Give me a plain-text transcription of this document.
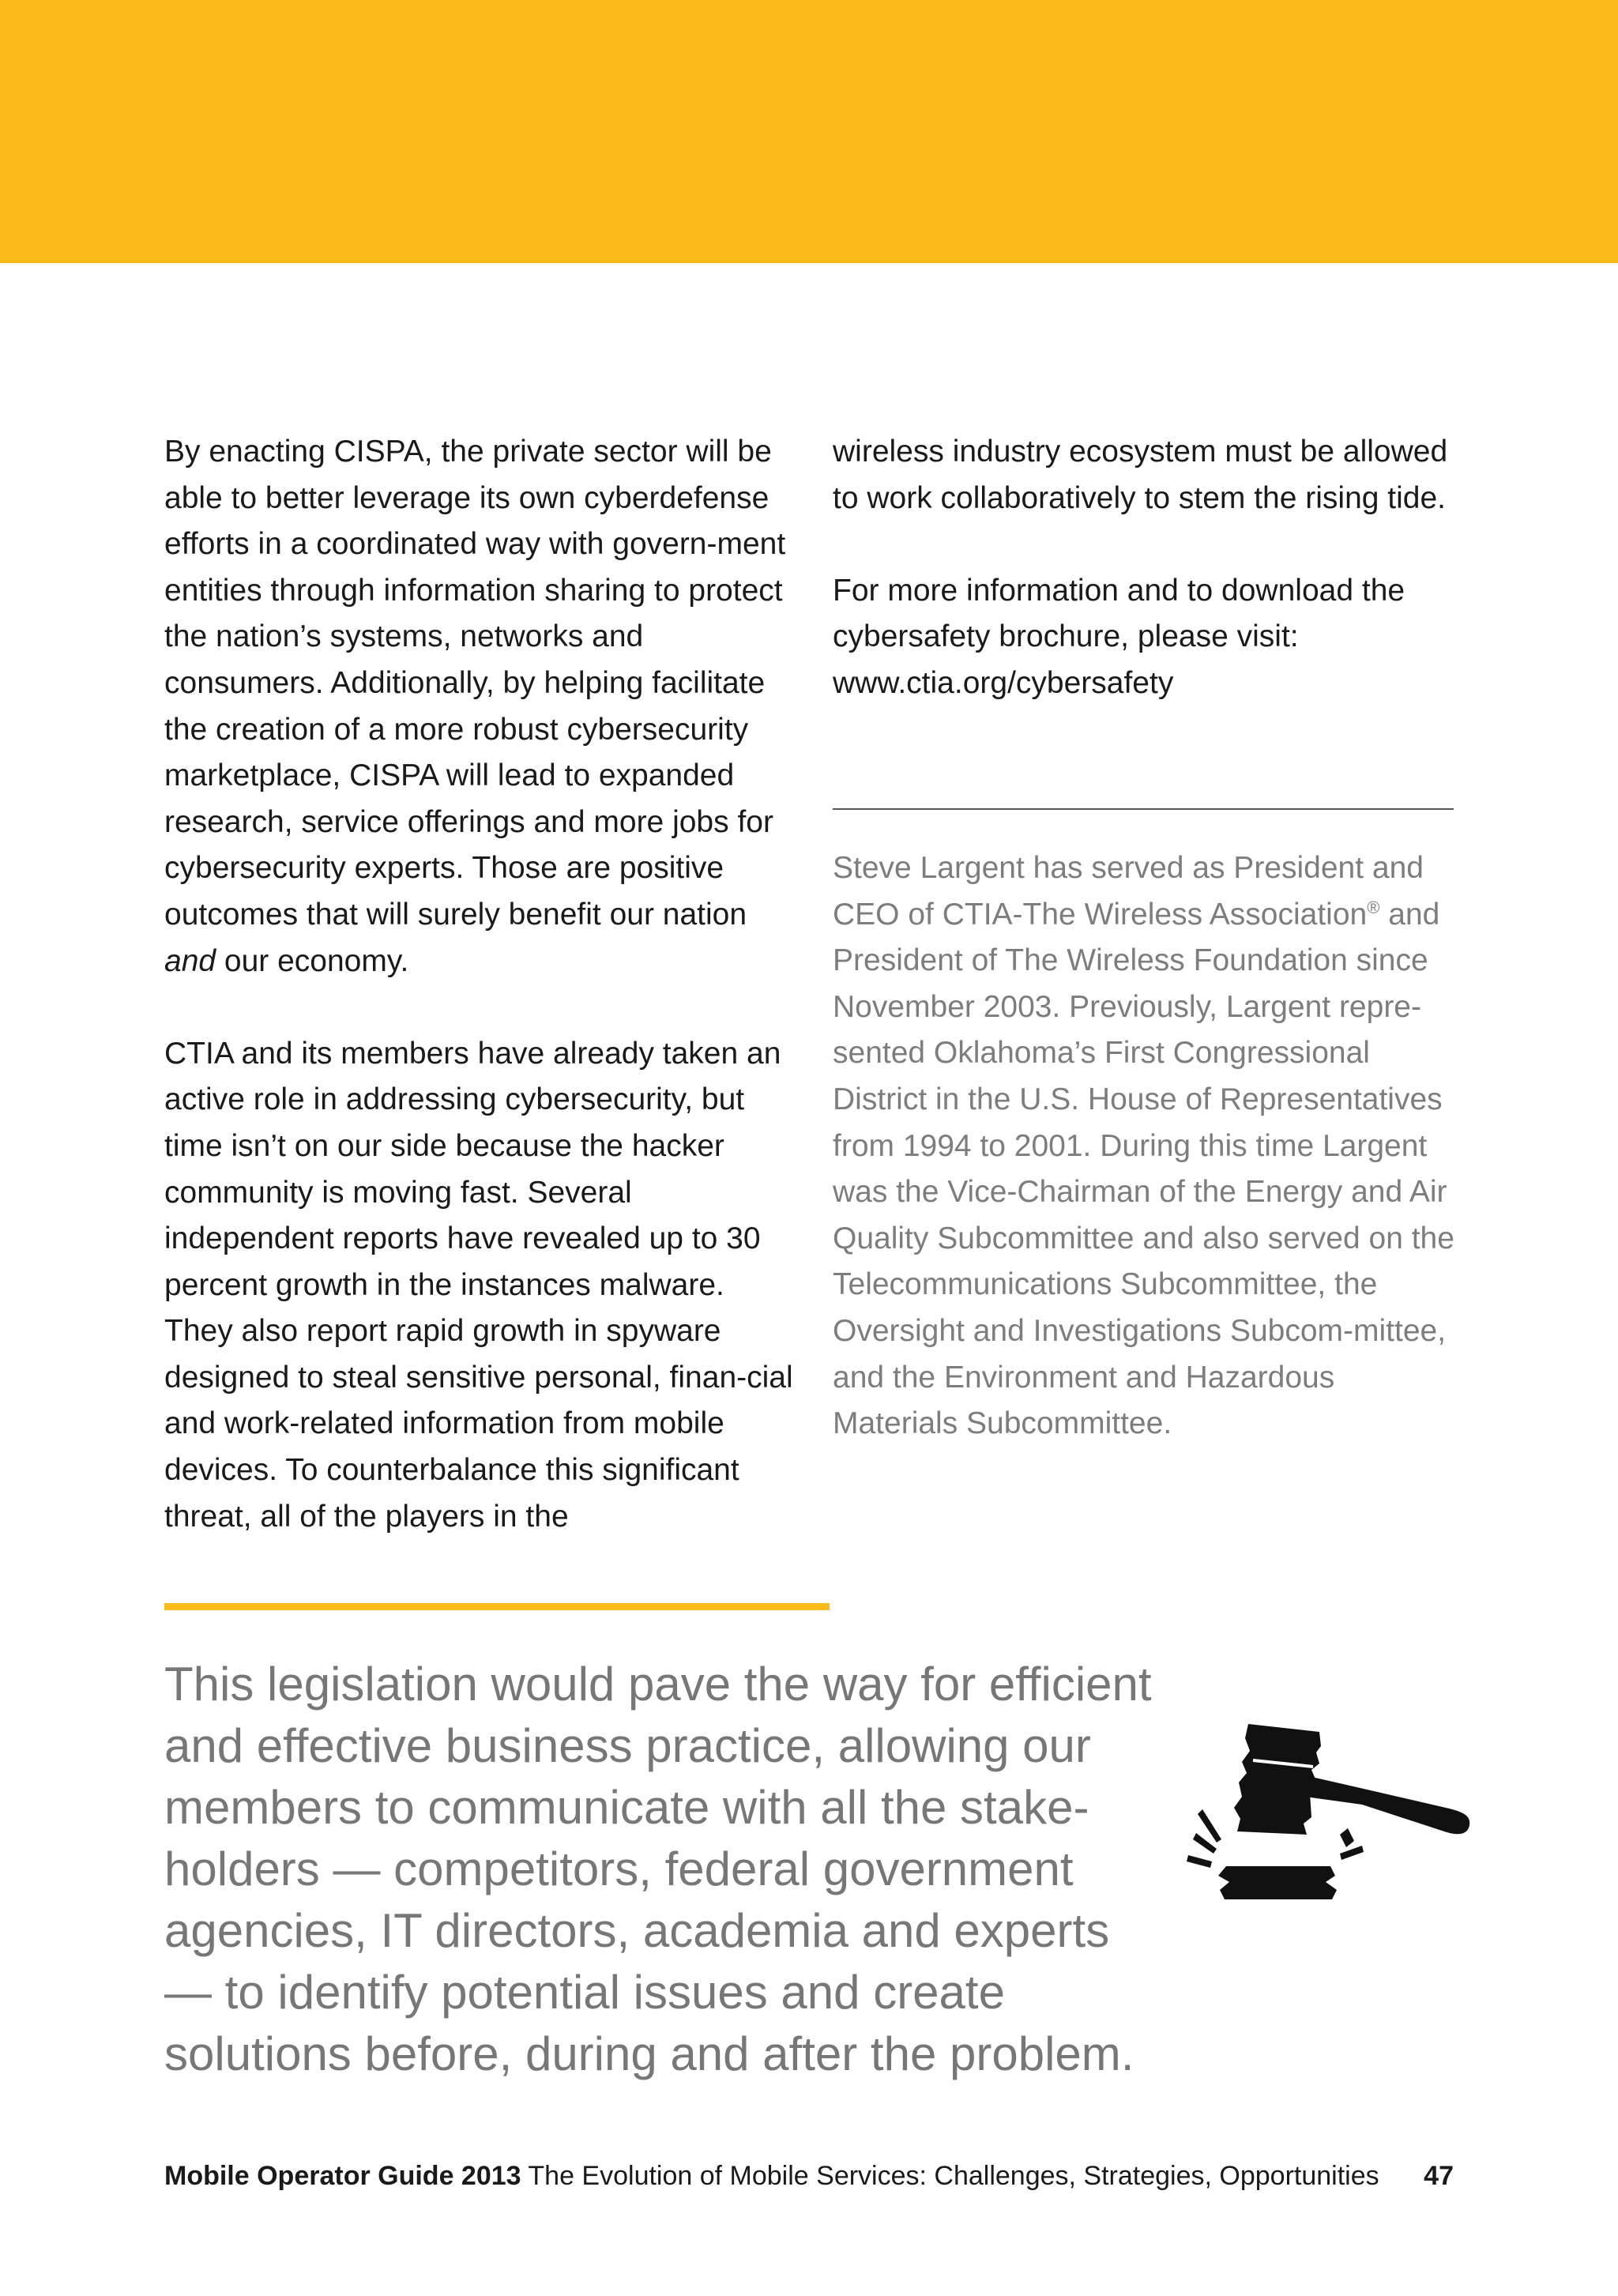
By enacting CISPA, the private sector will be able to better leverage its own cyberdefense efforts in a coordinated way with govern-ment entities through information sharing to protect the nation’s systems, networks and consumers. Additionally, by helping facilitate the creation of a more robust cybersecurity marketplace, CISPA will lead to expanded research, service offerings and more jobs for cybersecurity experts. Those are positive outcomes that will surely benefit our nation and our economy.

CTIA and its members have already taken an active role in addressing cybersecurity, but time isn’t on our side because the hacker community is moving fast. Several independent reports have revealed up to 30 percent growth in the instances malware. They also report rapid growth in spyware designed to steal sensitive personal, finan-cial and work-related information from mobile devices. To counterbalance this significant threat, all of the players in the

wireless industry ecosystem must be allowed to work collaboratively to stem the rising tide.

For more information and to download the cybersafety brochure, please visit: www.ctia.org/cybersafety

Steve Largent has served as President and CEO of CTIA-The Wireless Association® and President of The Wireless Foundation since November 2003. Previously, Largent repre-sented Oklahoma’s First Congressional District in the U.S. House of Representatives from 1994 to 2001. During this time Largent was the Vice-Chairman of the Energy and Air Quality Subcommittee and also served on the Telecommunications Subcommittee, the Oversight and Investigations Subcom-mittee, and the Environment and Hazardous Materials Subcommittee.
This legislation would pave the way for efficient and effective business practice, allowing our members to communicate with all the stake-holders — competitors, federal government agencies, IT directors, academia and experts — to identify potential issues and create solutions before, during and after the problem.
Mobile Operator Guide 2013 The Evolution of Mobile Services: Challenges, Strategies, Opportunities	47
